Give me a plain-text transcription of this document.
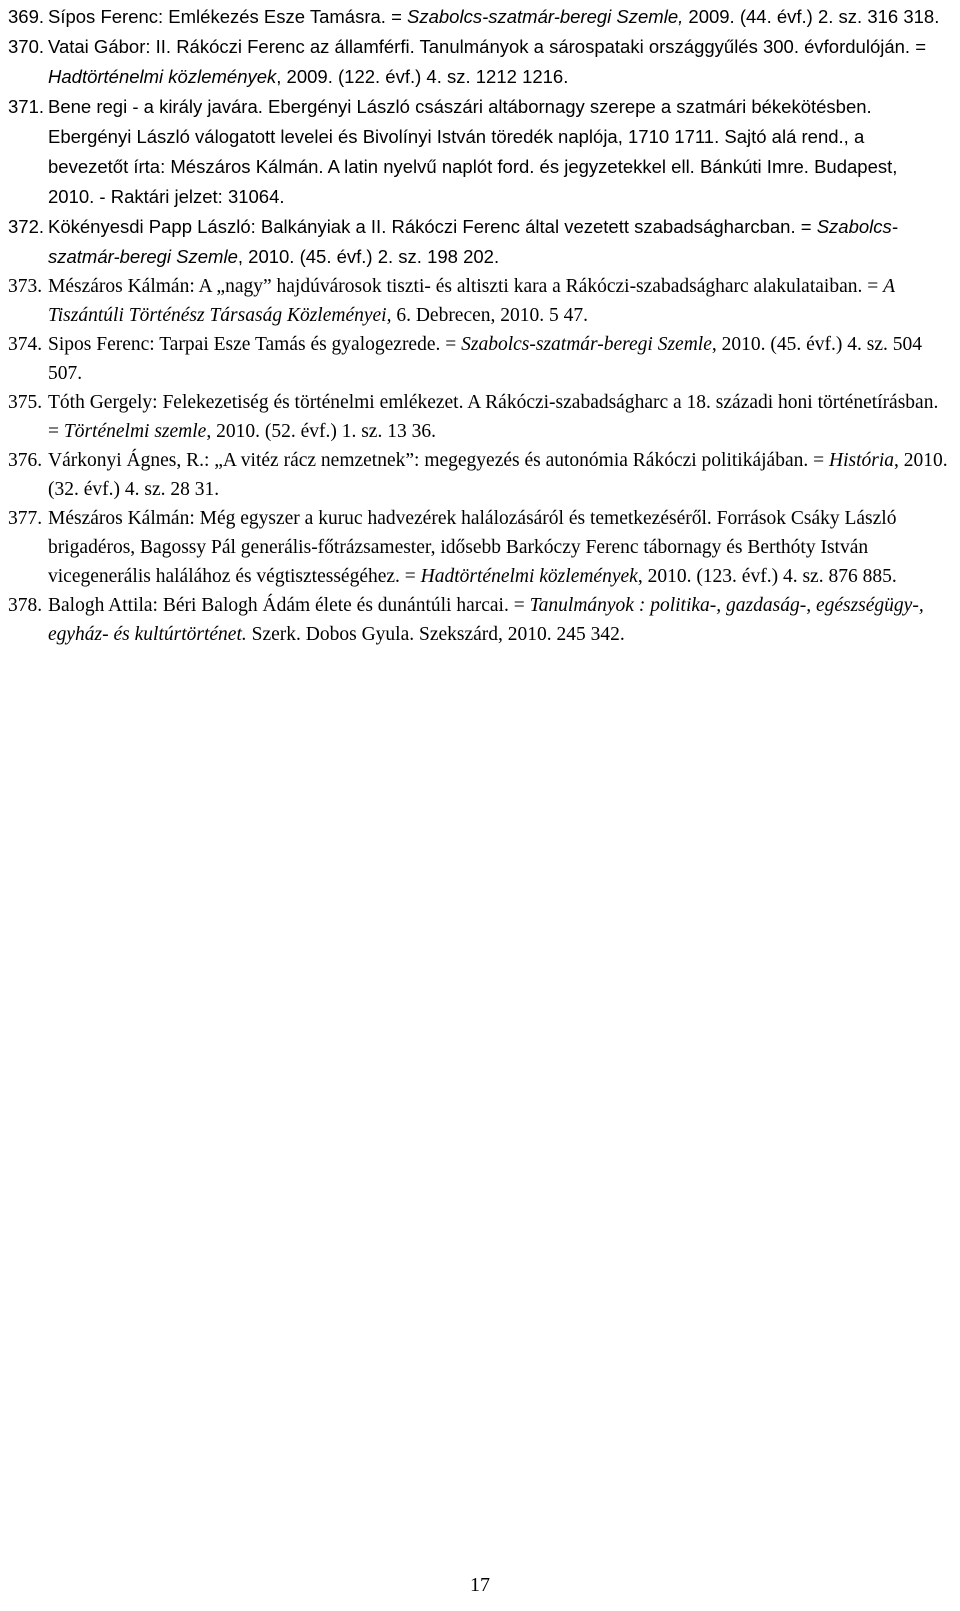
369. Sípos Ferenc: Emlékezés Esze Tamásra. = Szabolcs-szatmár-beregi Szemle, 2009. (44. évf.) 2. sz. 316 318.
370. Vatai Gábor: II. Rákóczi Ferenc az államférfi. Tanulmányok a sárospataki országgyűlés 300. évfordulóján. = Hadtörténelmi közlemények, 2009. (122. évf.) 4. sz. 1212 1216.
371. Bene regi - a király javára. Ebergényi László császári altábornagy szerepe a szatmári békekötésben. Ebergényi László válogatott levelei és Bivolínyi István töredék naplója, 1710 1711. Sajtó alá rend., a bevezetőt írta: Mészáros Kálmán. A latin nyelvű naplót ford. és jegyzetekkel ell. Bánkúti Imre. Budapest, 2010. - Raktári jelzet: 31064.
372. Kökényesdi Papp László: Balkányiak a II. Rákóczi Ferenc által vezetett szabadságharcban. = Szabolcs-szatmár-beregi Szemle, 2010. (45. évf.) 2. sz. 198 202.
373. Mészáros Kálmán: A „nagy” hajdúvárosok tiszti- és altiszti kara a Rákóczi-szabadságharc alakulataiban. = A Tiszántúli Történész Társaság Közleményei, 6. Debrecen, 2010. 5 47.
374. Sipos Ferenc: Tarpai Esze Tamás és gyalogezrede. = Szabolcs-szatmár-beregi Szemle, 2010. (45. évf.) 4. sz. 504 507.
375. Tóth Gergely: Felekezetiség és történelmi emlékezet. A Rákóczi-szabadságharc a 18. századi honi történetírásban. = Történelmi szemle, 2010. (52. évf.) 1. sz. 13 36.
376. Várkonyi Ágnes, R.: „A vitéz rácz nemzetnek”: megegyezés és autonómia Rákóczi politikájában. = História, 2010. (32. évf.) 4. sz. 28 31.
377. Mészáros Kálmán: Még egyszer a kuruc hadvezérek halálozásáról és temetkezéséről. Források Csáky László brigadéros, Bagossy Pál generális-főtrázsamester, idősebb Barkóczy Ferenc tábornagy és Berthóty István vicegenerális halálához és végtisztességéhez. = Hadtörténelmi közlemények, 2010. (123. évf.) 4. sz. 876 885.
378. Balogh Attila: Béri Balogh Ádám élete és dunántúli harcai. = Tanulmányok : politika-, gazdaság-, egészségügy-, egyház- és kultúrtörténet. Szerk. Dobos Gyula. Szekszárd, 2010. 245 342.
17
